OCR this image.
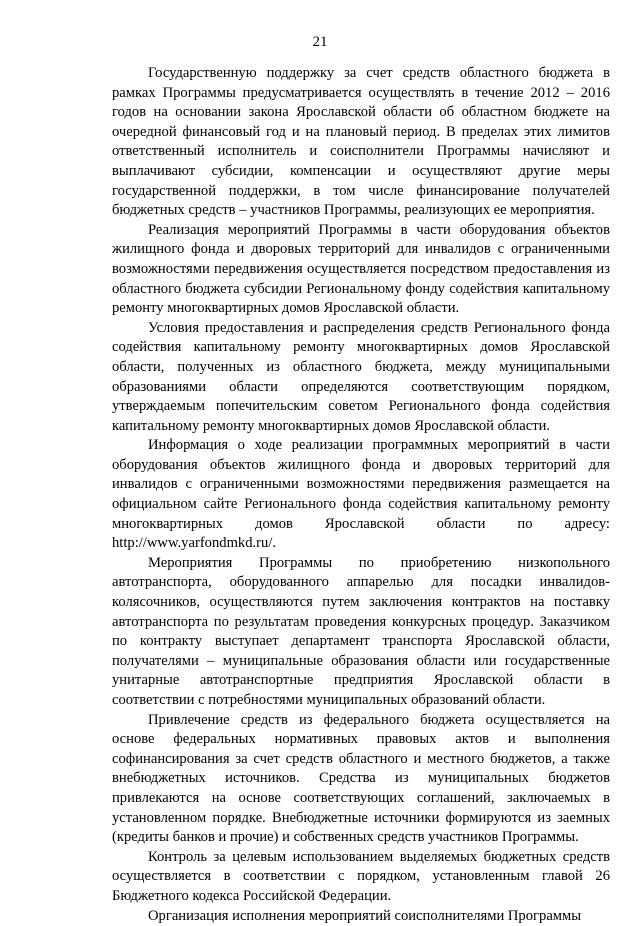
21

Государственную поддержку за счет средств областного бюджета в рамках Программы предусматривается осуществлять в течение 2012 – 2016 годов на основании закона Ярославской области об областном бюджете на очередной финансовый год и на плановый период. В пределах этих лимитов ответственный исполнитель и соисполнители Программы начисляют и выплачивают субсидии, компенсации и осуществляют другие меры государственной поддержки, в том числе финансирование получателей бюджетных средств – участников Программы, реализующих ее мероприятия.

Реализация мероприятий Программы в части оборудования объектов жилищного фонда и дворовых территорий для инвалидов с ограниченными возможностями передвижения осуществляется посредством предоставления из областного бюджета субсидии Региональному фонду содействия капитальному ремонту многоквартирных домов Ярославской области.

Условия предоставления и распределения средств Регионального фонда содействия капитальному ремонту многоквартирных домов Ярославской области, полученных из областного бюджета, между муниципальными образованиями области определяются соответствующим порядком, утверждаемым попечительским советом Регионального фонда содействия капитальному ремонту многоквартирных домов Ярославской области.

Информация о ходе реализации программных мероприятий в части оборудования объектов жилищного фонда и дворовых территорий для инвалидов с ограниченными возможностями передвижения размещается на официальном сайте Регионального фонда содействия капитальному ремонту многоквартирных домов Ярославской области по адресу: http://www.yarfondmkd.ru/.

Мероприятия Программы по приобретению низкопольного автотранспорта, оборудованного аппарелью для посадки инвалидов-колясочников, осуществляются путем заключения контрактов на поставку автотранспорта по результатам проведения конкурсных процедур. Заказчиком по контракту выступает департамент транспорта Ярославской области, получателями – муниципальные образования области или государственные унитарные автотранспортные предприятия Ярославской области в соответствии с потребностями муниципальных образований области.

Привлечение средств из федерального бюджета осуществляется на основе федеральных нормативных правовых актов и выполнения софинансирования за счет средств областного и местного бюджетов, а также внебюджетных источников. Средства из муниципальных бюджетов привлекаются на основе соответствующих соглашений, заключаемых в установленном порядке. Внебюджетные источники формируются из заемных (кредиты банков и прочие) и собственных средств участников Программы.

Контроль за целевым использованием выделяемых бюджетных средств осуществляется в соответствии с порядком, установленным главой 26 Бюджетного кодекса Российской Федерации.

Организация исполнения мероприятий соисполнителями Программы
